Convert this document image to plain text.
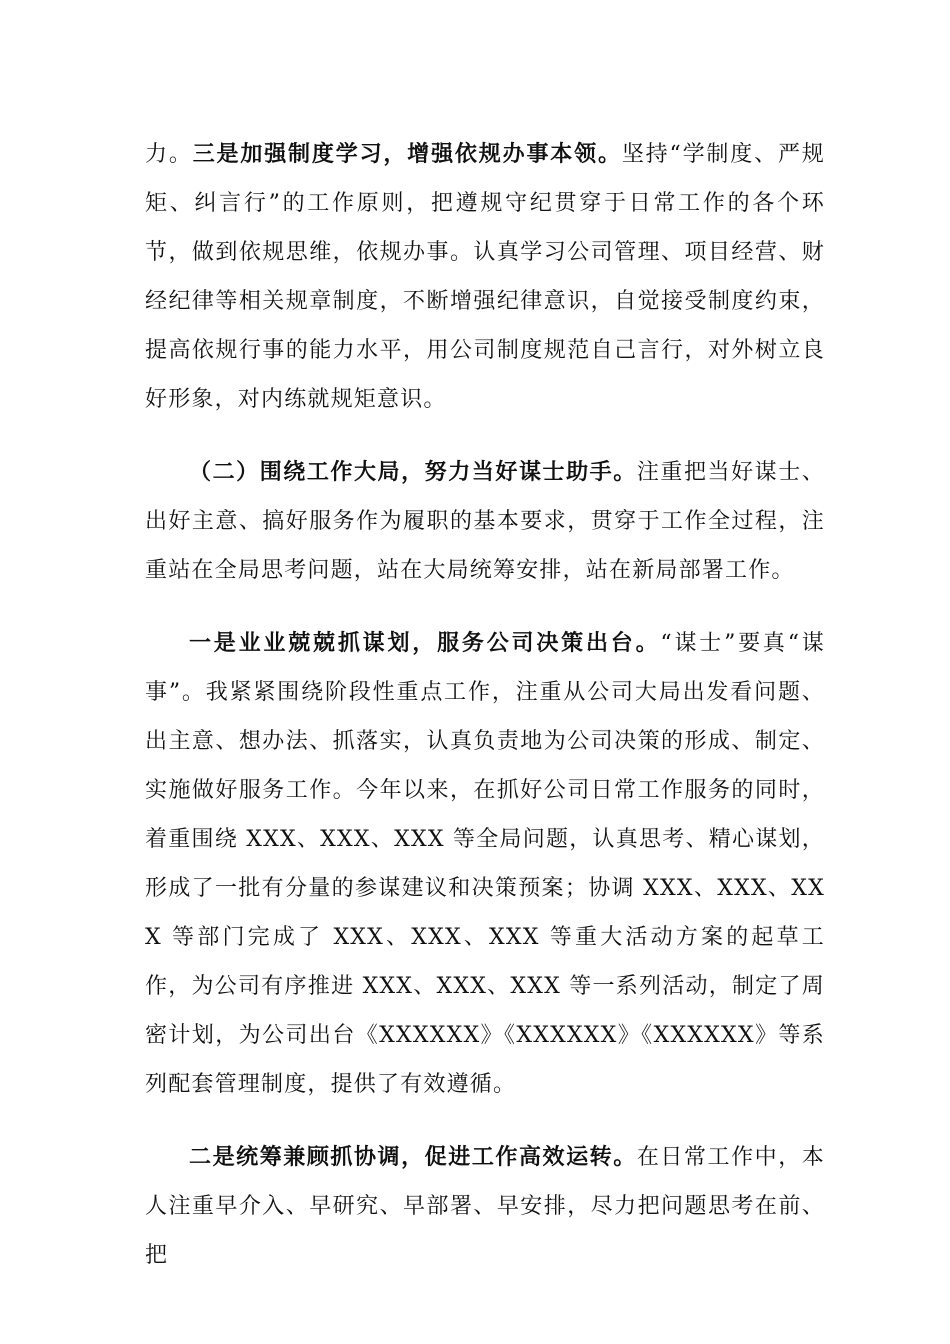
力。三是加强制度学习，增强依规办事本领。坚持“学制度、严规矩、纠言行”的工作原则，把遵规守纪贯穿于日常工作的各个环节，做到依规思维，依规办事。认真学习公司管理、项目经营、财经纪律等相关规章制度，不断增强纪律意识，自觉接受制度约束，提高依规行事的能力水平，用公司制度规范自己言行，对外树立良好形象，对内练就规矩意识。

（二）围绕工作大局，努力当好谋士助手。注重把当好谋士、出好主意、搞好服务作为履职的基本要求，贯穿于工作全过程，注重站在全局思考问题，站在大局统筹安排，站在新局部署工作。

一是业业兢兢抓谋划，服务公司决策出台。“谋士”要真“谋事”。我紧紧围绕阶段性重点工作，注重从公司大局出发看问题、出主意、想办法、抓落实，认真负责地为公司决策的形成、制定、实施做好服务工作。今年以来，在抓好公司日常工作服务的同时，着重围绕 XXX、XXX、XXX 等全局问题，认真思考、精心谋划，形成了一批有分量的参谋建议和决策预案；协调 XXX、XXX、XXX 等部门完成了 XXX、XXX、XXX 等重大活动方案的起草工作，为公司有序推进 XXX、XXX、XXX 等一系列活动，制定了周密计划，为公司出台《XXXXXX》《XXXXXX》《XXXXXX》等系列配套管理制度，提供了有效遵循。

二是统筹兼顾抓协调，促进工作高效运转。在日常工作中，本人注重早介入、早研究、早部署、早安排，尽力把问题思考在前、把
